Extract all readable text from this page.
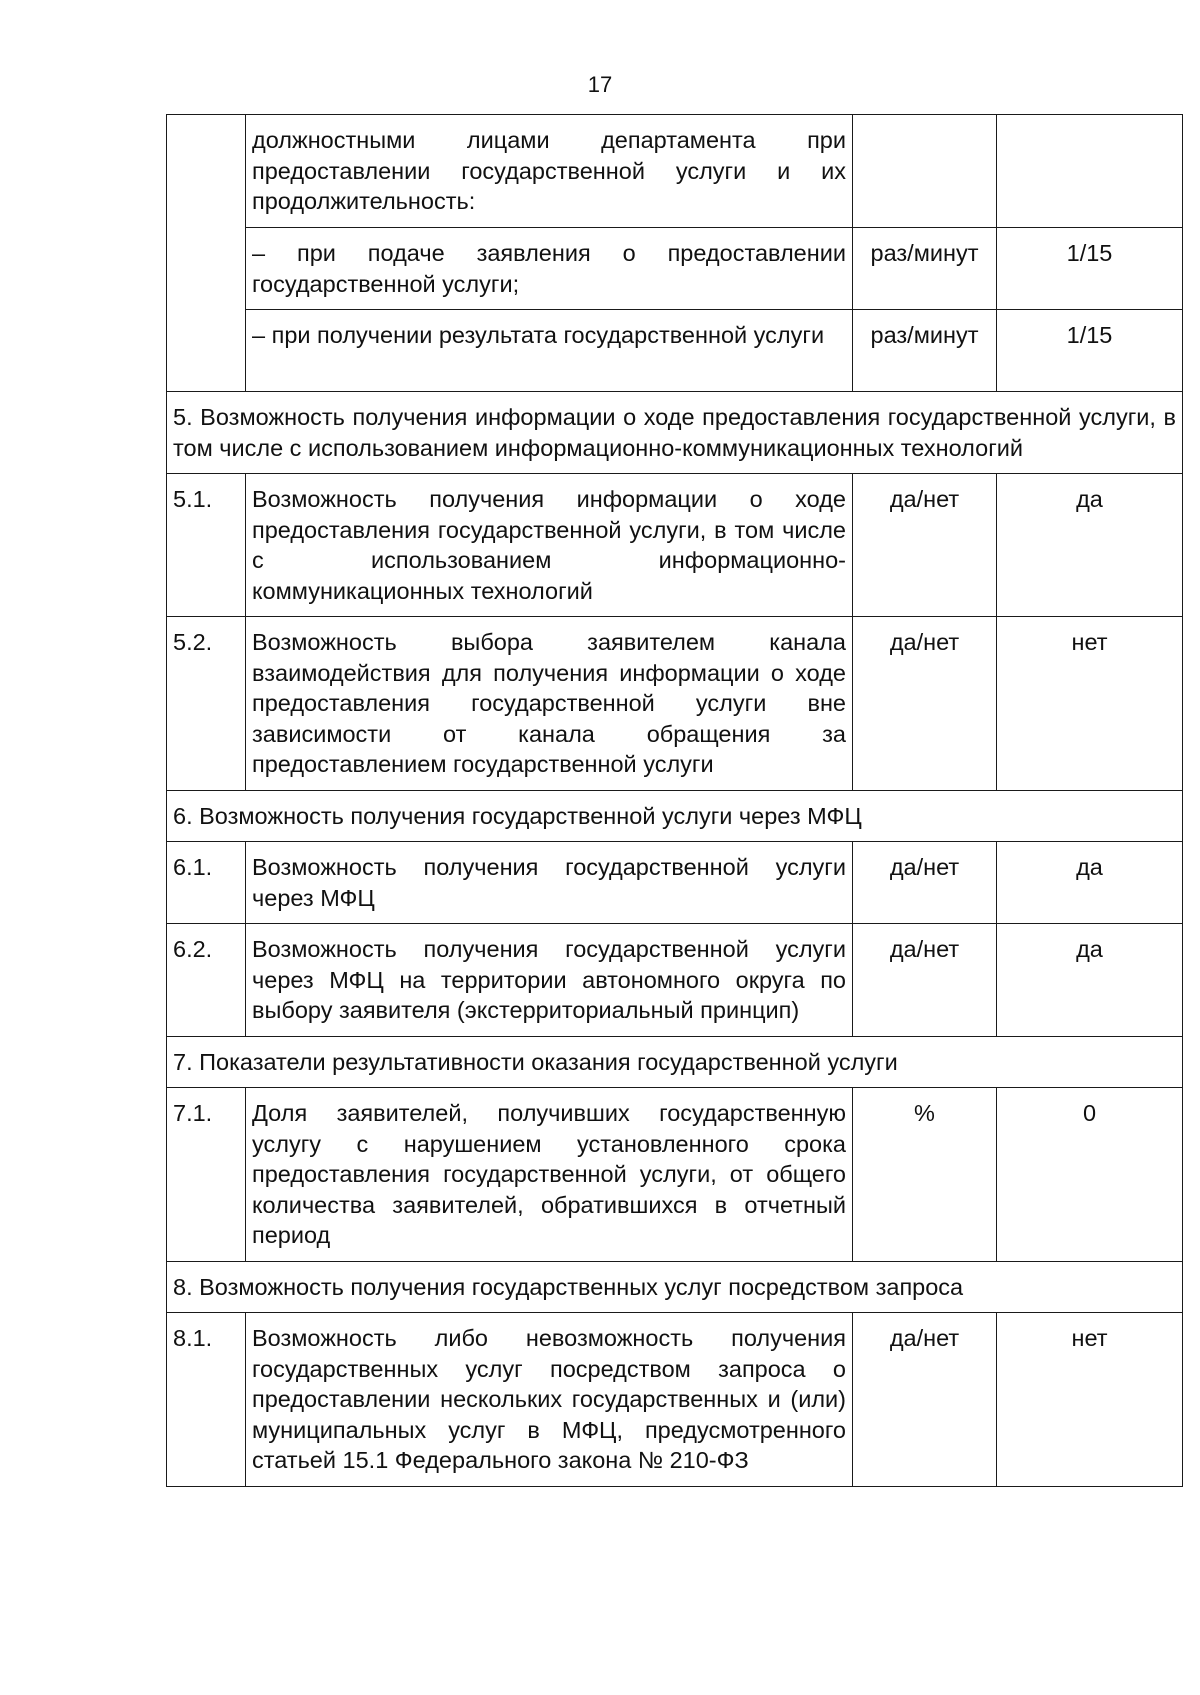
17
	должностными лицами департамента при предоставлении государственной услуги и их продолжительность:		
	– при подаче заявления о предоставлении государственной услуги;	раз/минут	1/15
	– при получении результата государственной услуги	раз/минут	1/15
5. Возможность получения информации о ходе предоставления государственной услуги, в том числе с использованием информационно-коммуникационных технологий			
5.1.	Возможность получения информации о ходе предоставления государственной услуги, в том числе с использованием информационно-коммуникационных технологий	да/нет	да
5.2.	Возможность выбора заявителем канала взаимодействия для получения информации о ходе предоставления государственной услуги вне зависимости от канала обращения за предоставлением государственной услуги	да/нет	нет
6. Возможность получения государственной услуги через МФЦ			
6.1.	Возможность получения государственной услуги через МФЦ	да/нет	да
6.2.	Возможность получения государственной услуги через МФЦ на территории автономного округа по выбору заявителя (экстерриториальный принцип)	да/нет	да
7. Показатели результативности оказания государственной услуги			
7.1.	Доля заявителей, получивших государственную услугу с нарушением установленного срока предоставления государственной услуги, от общего количества заявителей, обратившихся в отчетный период	%	0
8. Возможность получения государственных услуг посредством запроса			
8.1.	Возможность либо невозможность получения государственных услуг посредством запроса о предоставлении нескольких государственных и (или) муниципальных услуг в МФЦ, предусмотренного статьей 15.1 Федерального закона № 210-ФЗ	да/нет	нет
